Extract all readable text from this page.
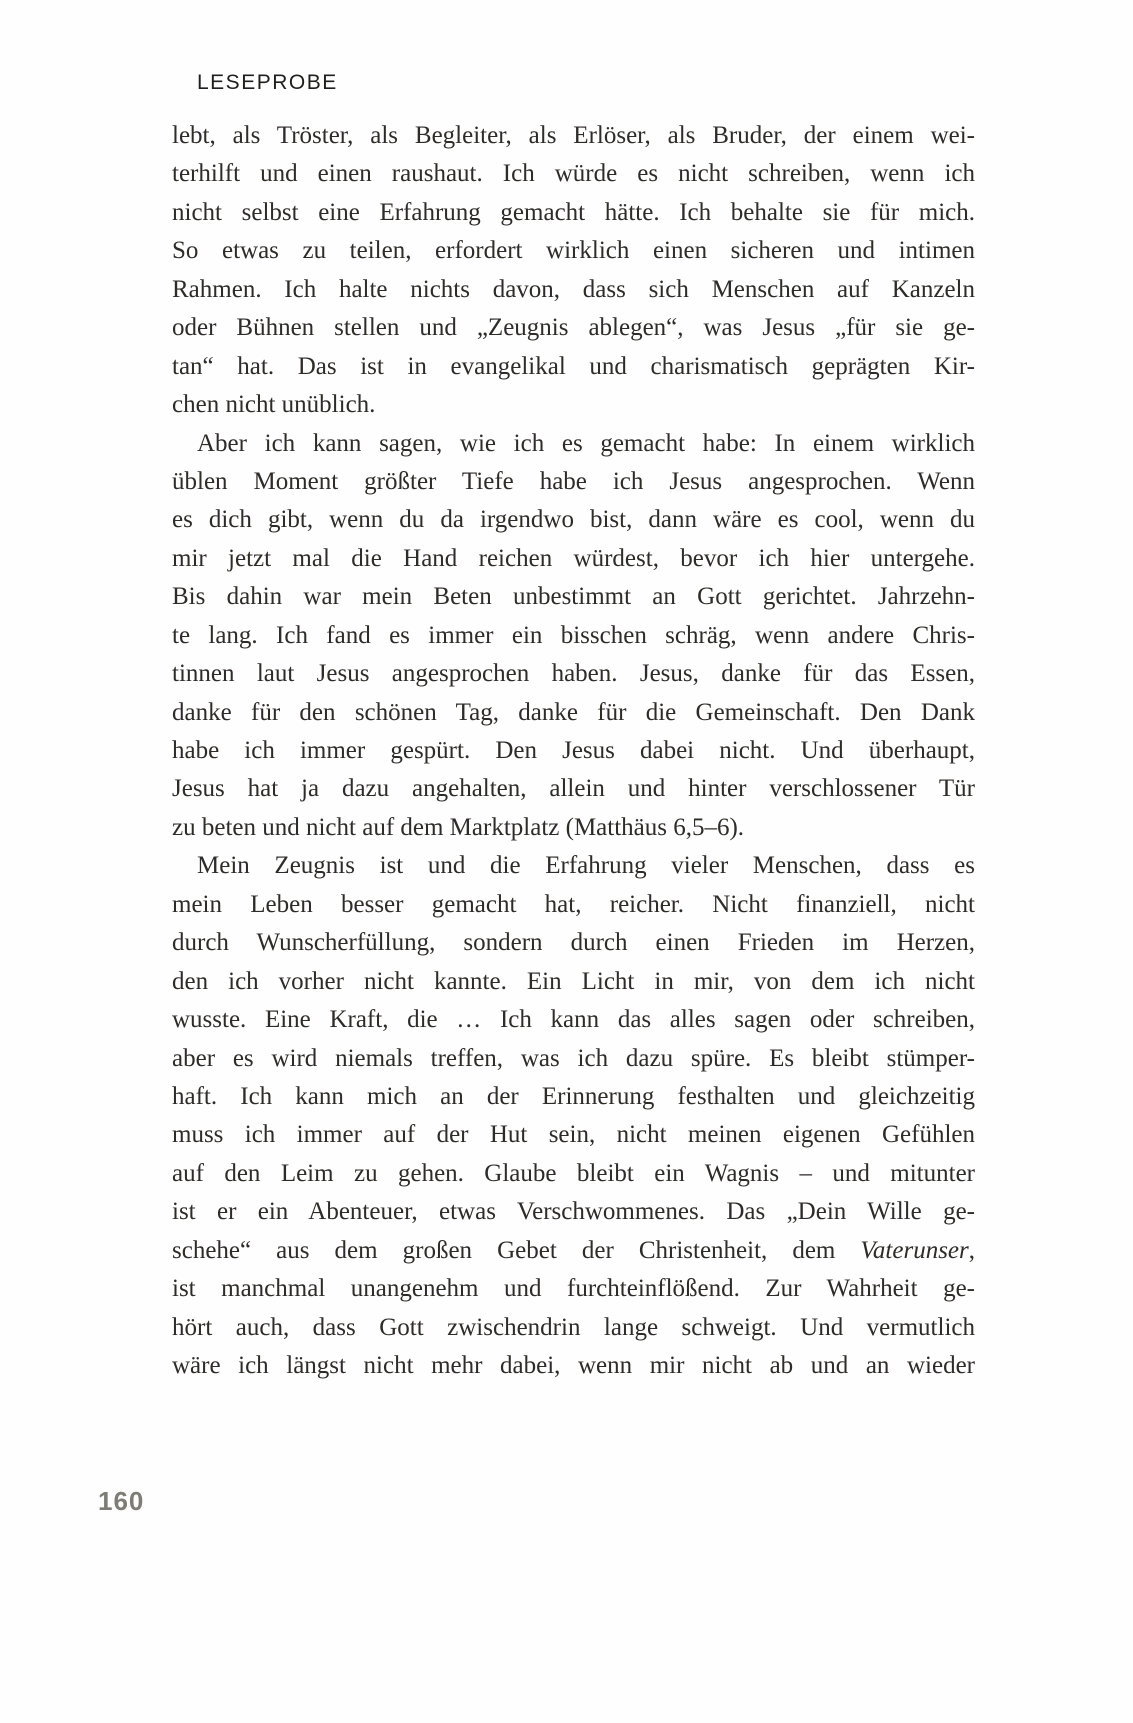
LESEPROBE
lebt, als Tröster, als Begleiter, als Erlöser, als Bruder, der einem wei-
terhilft und einen raushaut. Ich würde es nicht schreiben, wenn ich
nicht selbst eine Erfahrung gemacht hätte. Ich behalte sie für mich.
So etwas zu teilen, erfordert wirklich einen sicheren und intimen
Rahmen. Ich halte nichts davon, dass sich Menschen auf Kanzeln
oder Bühnen stellen und „Zeugnis ablegen“, was Jesus „für sie ge-
tan“ hat. Das ist in evangelikal und charismatisch geprägten Kir-
chen nicht unüblich.
Aber ich kann sagen, wie ich es gemacht habe: In einem wirklich
üblen Moment größter Tiefe habe ich Jesus angesprochen. Wenn
es dich gibt, wenn du da irgendwo bist, dann wäre es cool, wenn du
mir jetzt mal die Hand reichen würdest, bevor ich hier untergehe.
Bis dahin war mein Beten unbestimmt an Gott gerichtet. Jahrzehn-
te lang. Ich fand es immer ein bisschen schräg, wenn andere Chris-
tinnen laut Jesus angesprochen haben. Jesus, danke für das Essen,
danke für den schönen Tag, danke für die Gemeinschaft. Den Dank
habe ich immer gespürt. Den Jesus dabei nicht. Und überhaupt,
Jesus hat ja dazu angehalten, allein und hinter verschlossener Tür
zu beten und nicht auf dem Marktplatz (Matthäus 6,5–6).
Mein Zeugnis ist und die Erfahrung vieler Menschen, dass es
mein Leben besser gemacht hat, reicher. Nicht finanziell, nicht
durch Wunscherfüllung, sondern durch einen Frieden im Herzen,
den ich vorher nicht kannte. Ein Licht in mir, von dem ich nicht
wusste. Eine Kraft, die … Ich kann das alles sagen oder schreiben,
aber es wird niemals treffen, was ich dazu spüre. Es bleibt stümper-
haft. Ich kann mich an der Erinnerung festhalten und gleichzeitig
muss ich immer auf der Hut sein, nicht meinen eigenen Gefühlen
auf den Leim zu gehen. Glaube bleibt ein Wagnis – und mitunter
ist er ein Abenteuer, etwas Verschwommenes. Das „Dein Wille ge-
schehe“ aus dem großen Gebet der Christenheit, dem Vaterunser,
ist manchmal unangenehm und furchteinflößend. Zur Wahrheit ge-
hört auch, dass Gott zwischendrin lange schweigt. Und vermutlich
wäre ich längst nicht mehr dabei, wenn mir nicht ab und an wieder
160
